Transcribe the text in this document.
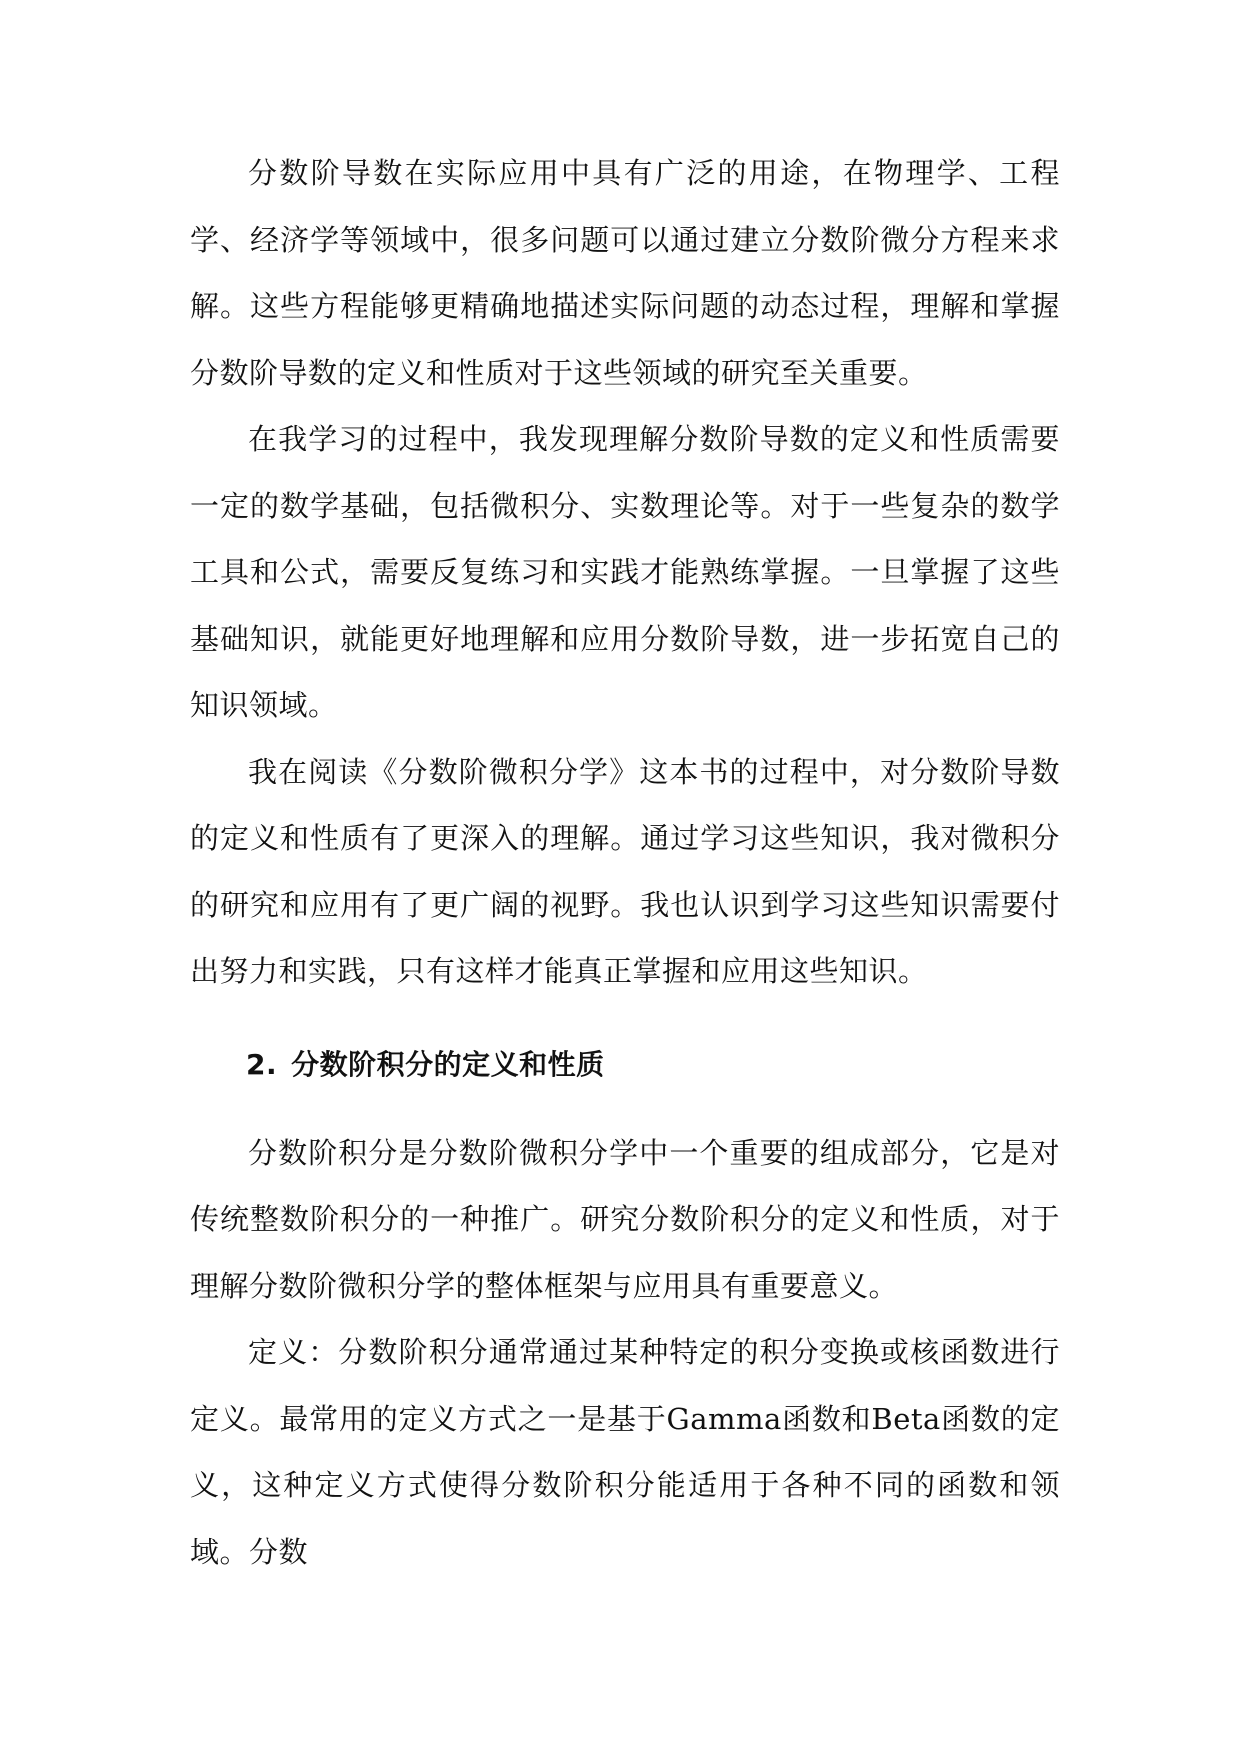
分数阶导数在实际应用中具有广泛的用途，在物理学、工程学、经济学等领域中，很多问题可以通过建立分数阶微分方程来求解。这些方程能够更精确地描述实际问题的动态过程，理解和掌握分数阶导数的定义和性质对于这些领域的研究至关重要。

在我学习的过程中，我发现理解分数阶导数的定义和性质需要一定的数学基础，包括微积分、实数理论等。对于一些复杂的数学工具和公式，需要反复练习和实践才能熟练掌握。一旦掌握了这些基础知识，就能更好地理解和应用分数阶导数，进一步拓宽自己的知识领域。

我在阅读《分数阶微积分学》这本书的过程中，对分数阶导数的定义和性质有了更深入的理解。通过学习这些知识，我对微积分的研究和应用有了更广阔的视野。我也认识到学习这些知识需要付出努力和实践，只有这样才能真正掌握和应用这些知识。

2. 分数阶积分的定义和性质

分数阶积分是分数阶微积分学中一个重要的组成部分，它是对传统整数阶积分的一种推广。研究分数阶积分的定义和性质，对于理解分数阶微积分学的整体框架与应用具有重要意义。

定义：分数阶积分通常通过某种特定的积分变换或核函数进行定义。最常用的定义方式之一是基于Gamma函数和Beta函数的定义，这种定义方式使得分数阶积分能适用于各种不同的函数和领域。分数
